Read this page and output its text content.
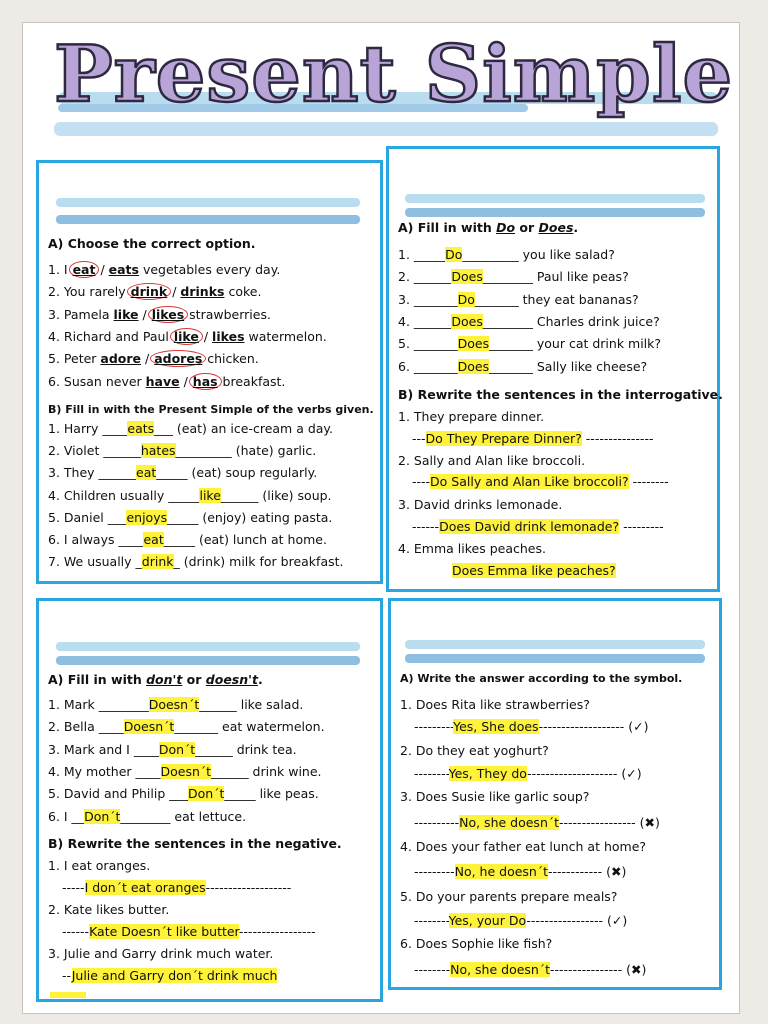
Present Simple
A) Choose the correct option.
1. I eat / eats vegetables every day.
2. You rarely drink / drinks coke.
3. Pamela like / likes strawberries.
4. Richard and Paul like / likes watermelon.
5. Peter adore / adores chicken.
6. Susan never have / has breakfast.
B) Fill in with the Present Simple of the verbs given.
1. Harry ____eats___ (eat) an ice-cream a day.
2. Violet ______hates_________ (hate) garlic.
3. They ______eat_____ (eat) soup regularly.
4. Children usually _____like______ (like) soup.
5. Daniel ___enjoys_____ (enjoy) eating pasta.
6. I always ____eat_____ (eat) lunch at home.
7. We usually _drink_ (drink) milk for breakfast.
A) Fill in with Do or Does.
1. _____Do_________ you like salad?
2. ______Does________ Paul like peas?
3. _______Do_______ they eat bananas?
4. ______Does________ Charles drink juice?
5. _______Does_______ your cat drink milk?
6. _______Does_______ Sally like cheese?
B) Rewrite the sentences in the interrogative.
1. They prepare dinner.
---Do They Prepare Dinner? ---------------
2. Sally and Alan like broccoli.
----Do Sally and Alan Like broccoli? --------
3. David drinks lemonade.
------Does David drink lemonade? ---------
4. Emma likes peaches.
Does Emma like peaches?
A) Fill in with don't or doesn't.
1. Mark ________Doesn´t______ like salad.
2. Bella ____Doesn´t_______ eat watermelon.
3. Mark and I ____Don´t______ drink tea.
4. My mother ____Doesn´t______ drink wine.
5. David and Philip ___Don´t_____ like peas.
6. I __Don´t________ eat lettuce.
B) Rewrite the sentences in the negative.
1. I eat oranges.
-----I don´t eat oranges-------------------
2. Kate likes butter.
------Kate Doesn´t like butter-----------------
3. Julie and Garry drink much water.
--Julie and Garry don´t drink much
A) Write the answer according to the symbol.
1. Does Rita like strawberries?
---------Yes, She does------------------- (✓)
2. Do they eat yoghurt?
--------Yes, They do-------------------- (✓)
3. Does Susie like garlic soup?
----------No, she doesn´t----------------- (✖)
4. Does your father eat lunch at home?
---------No, he doesn´t------------ (✖)
5. Do your parents prepare meals?
--------Yes, your Do----------------- (✓)
6. Does Sophie like fish?
--------No, she doesn´t---------------- (✖)
